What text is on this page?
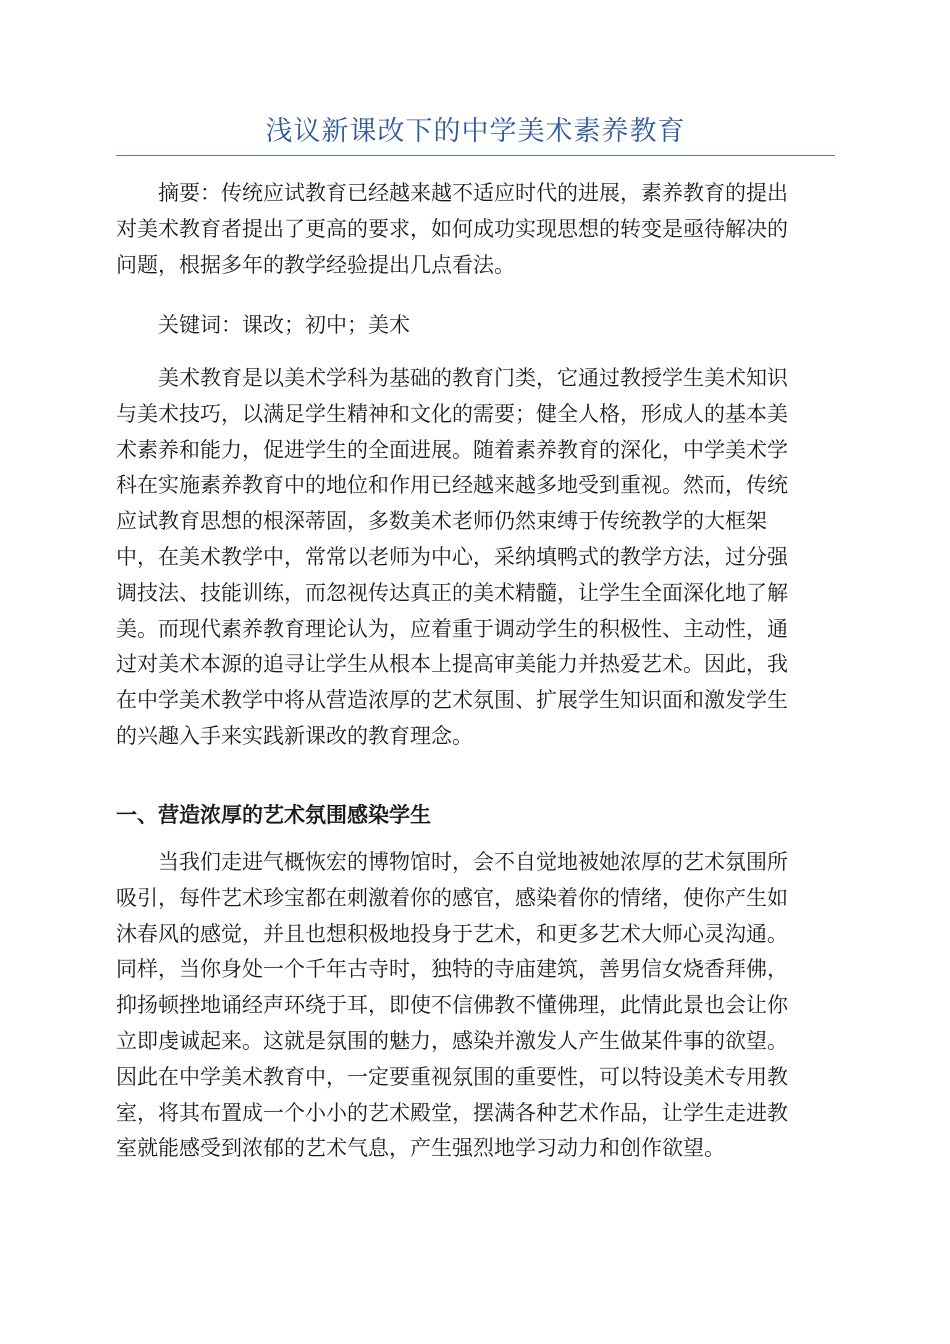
浅议新课改下的中学美术素养教育
摘要：传统应试教育已经越来越不适应时代的进展，素养教育的提出
对美术教育者提出了更高的要求，如何成功实现思想的转变是亟待解决的
问题，根据多年的教学经验提出几点看法。
关键词：课改；初中；美术
美术教育是以美术学科为基础的教育门类，它通过教授学生美术知识
与美术技巧，以满足学生精神和文化的需要；健全人格，形成人的基本美
术素养和能力，促进学生的全面进展。随着素养教育的深化，中学美术学
科在实施素养教育中的地位和作用已经越来越多地受到重视。然而，传统
应试教育思想的根深蒂固，多数美术老师仍然束缚于传统教学的大框架
中，在美术教学中，常常以老师为中心，采纳填鸭式的教学方法，过分强
调技法、技能训练，而忽视传达真正的美术精髓，让学生全面深化地了解
美。而现代素养教育理论认为，应着重于调动学生的积极性、主动性，通
过对美术本源的追寻让学生从根本上提高审美能力并热爱艺术。因此，我
在中学美术教学中将从营造浓厚的艺术氛围、扩展学生知识面和激发学生
的兴趣入手来实践新课改的教育理念。
一、营造浓厚的艺术氛围感染学生
当我们走进气概恢宏的博物馆时，会不自觉地被她浓厚的艺术氛围所
吸引，每件艺术珍宝都在刺激着你的感官，感染着你的情绪，使你产生如
沐春风的感觉，并且也想积极地投身于艺术，和更多艺术大师心灵沟通。
同样，当你身处一个千年古寺时，独特的寺庙建筑，善男信女烧香拜佛，
抑扬顿挫地诵经声环绕于耳，即使不信佛教不懂佛理，此情此景也会让你
立即虔诚起来。这就是氛围的魅力，感染并激发人产生做某件事的欲望。
因此在中学美术教育中，一定要重视氛围的重要性，可以特设美术专用教
室，将其布置成一个小小的艺术殿堂，摆满各种艺术作品，让学生走进教
室就能感受到浓郁的艺术气息，产生强烈地学习动力和创作欲望。
